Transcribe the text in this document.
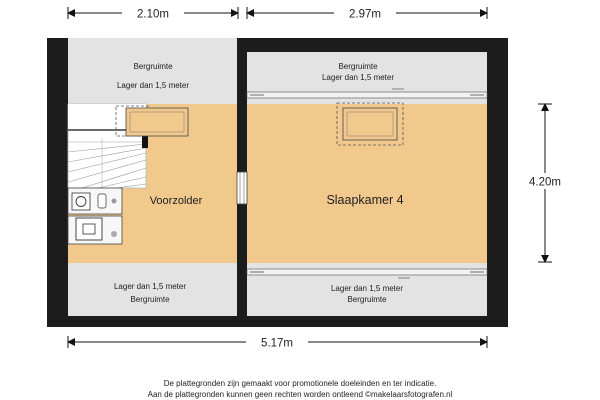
2.10m	2.97m
4.20m
5.17m
Bergruimte
Lager dan 1,5 meter
Voorzolder
Lager dan 1,5 meter
Bergruimte
Bergruimte
Lager dan 1,5 meter
Slaapkamer 4
Lager dan 1,5 meter
Bergruimte
De plattegronden zijn gemaakt voor promotionele doeleinden en ter indicatie.
Aan de plattegronden kunnen geen rechten worden ontleend ©makelaarsfotografen.nl
